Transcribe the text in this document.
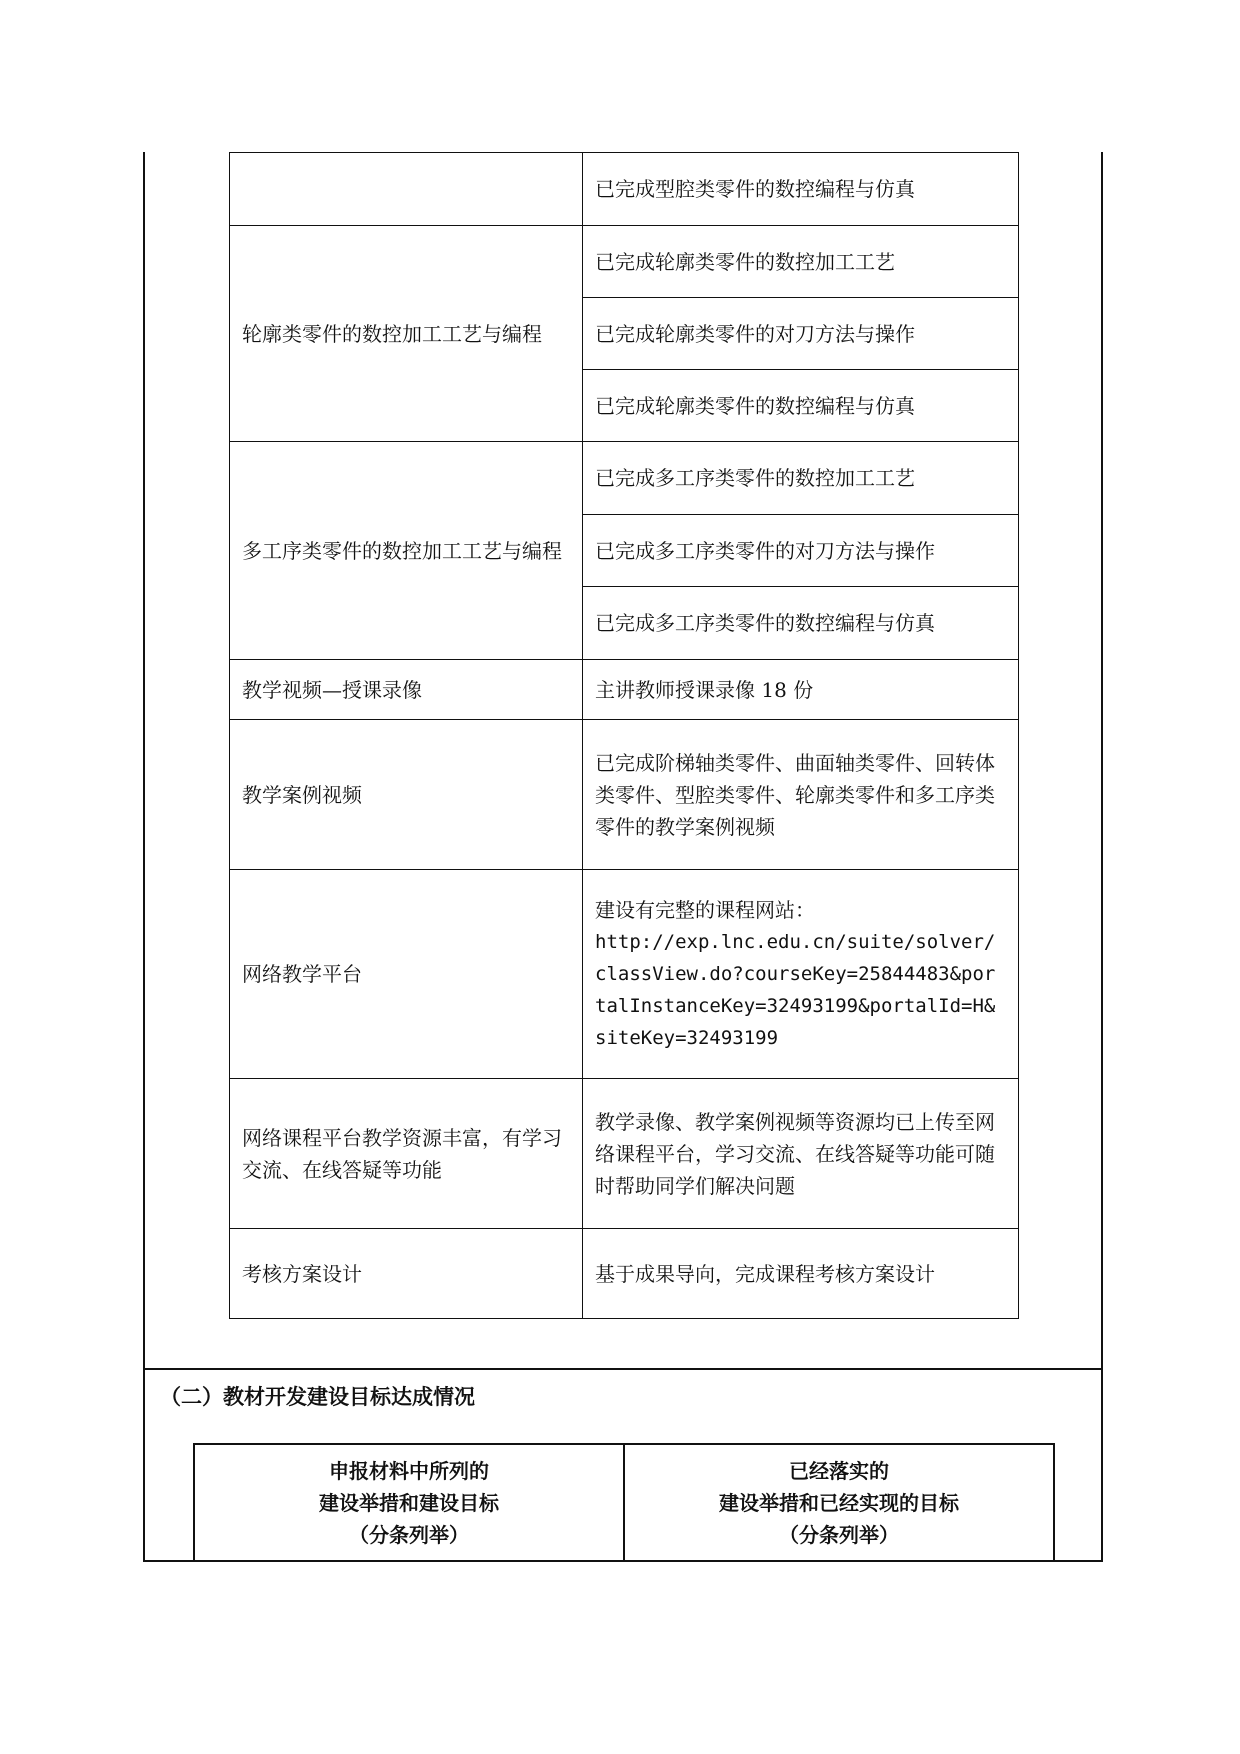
	已完成型腔类零件的数控编程与仿真
轮廓类零件的数控加工工艺与编程	已完成轮廓类零件的数控加工工艺
	已完成轮廓类零件的对刀方法与操作
	已完成轮廓类零件的数控编程与仿真
多工序类零件的数控加工工艺与编程	已完成多工序类零件的数控加工工艺
	已完成多工序类零件的对刀方法与操作
	已完成多工序类零件的数控编程与仿真
教学视频—授课录像	主讲教师授课录像 18 份
教学案例视频	已完成阶梯轴类零件、曲面轴类零件、回转体类零件、型腔类零件、轮廓类零件和多工序类零件的教学案例视频
网络教学平台	建设有完整的课程网站：
http://exp.lnc.edu.cn/suite/solver/classView.do?courseKey=25844483&portalInstanceKey=32493199&portalId=H&siteKey=32493199

网络课程平台教学资源丰富，有学习交流、在线答疑等功能	教学录像、教学案例视频等资源均已上传至网络课程平台，学习交流、在线答疑等功能可随时帮助同学们解决问题
考核方案设计	基于成果导向，完成课程考核方案设计
（二）教材开发建设目标达成情况
申报材料中所列的
建设举措和建设目标
（分条列举）

已经落实的
建设举措和已经实现的目标
（分条列举）
